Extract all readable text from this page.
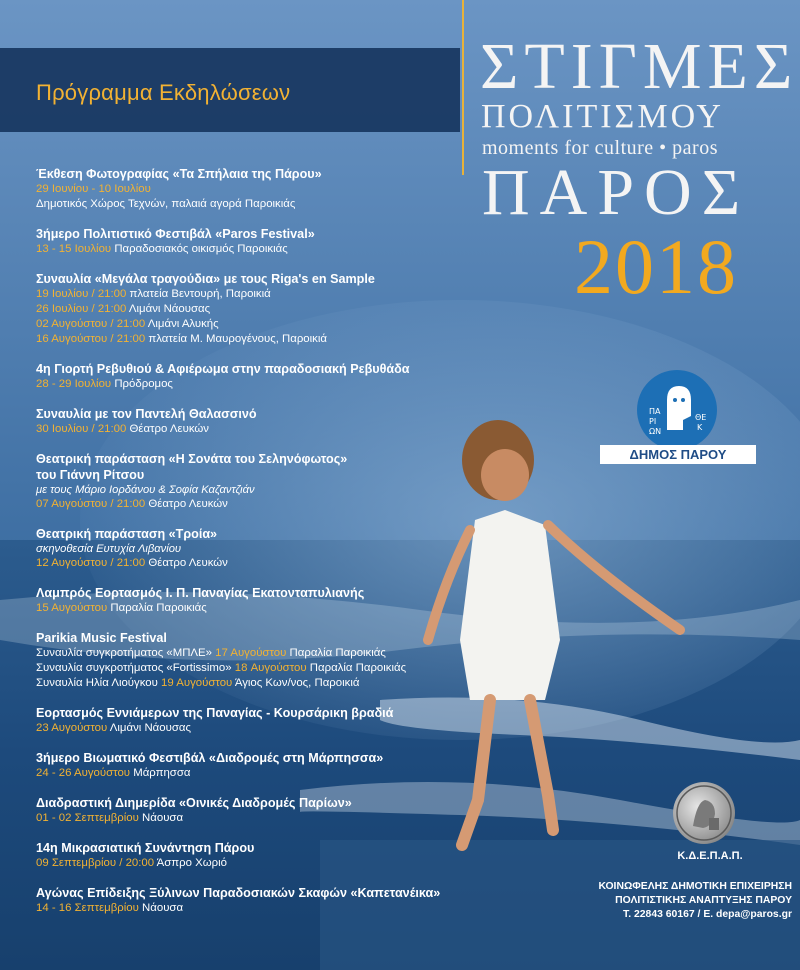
Πρόγραμμα Εκδηλώσεων	ΣΤΙΓΜΕΣ
ΠΟΛΙΤΙΣΜΟΥ
moments for culture • paros
ΠΑΡΟΣ
2018
Έκθεση Φωτογραφίας «Τα Σπήλαια της Πάρου»
29 Ιουνίου - 10 Ιουλίου
Δημοτικός Χώρος Τεχνών, παλαιά αγορά Παροικιάς
3ήμερο Πολιτιστικό Φεστιβάλ «Paros Festival»
13 - 15 Ιουλίου Παραδοσιακός οικισμός Παροικιάς
Συναυλία «Μεγάλα τραγούδια» με τους Riga's en Sample
19 Ιουλίου / 21:00 πλατεία Βεντουρή, Παροικιά
26 Ιουλίου / 21:00 Λιμάνι Νάουσας
02 Αυγούστου / 21:00 Λιμάνι Αλυκής
16 Αυγούστου / 21:00 πλατεία Μ. Μαυρογένους, Παροικιά
4η Γιορτή Ρεβυθιού & Αφιέρωμα στην παραδοσιακή Ρεβυθάδα
28 - 29 Ιουλίου Πρόδρομος
Συναυλία με τον Παντελή Θαλασσινό
30 Ιουλίου / 21:00 Θέατρο Λευκών
Θεατρική παράσταση «Η Σονάτα του Σεληνόφωτος»
του Γιάννη Ρίτσου
με τους Μάριο Ιορδάνου & Σοφία Καζαντζιάν
07 Αυγούστου / 21:00 Θέατρο Λευκών
Θεατρική παράσταση «Τροία»
σκηνοθεσία Ευτυχία Λιβανίου
12 Αυγούστου / 21:00 Θέατρο Λευκών
Λαμπρός Εορτασμός Ι. Π. Παναγίας Εκατονταπυλιανής
15 Αυγούστου Παραλία Παροικιάς
Parikia Music Festival
Συναυλία συγκροτήματος «ΜΠΛΕ» 17 Αυγούστου Παραλία Παροικιάς
Συναυλία συγκροτήματος «Fortissimo» 18 Αυγούστου Παραλία Παροικιάς
Συναυλία Ηλία Λιούγκου 19 Αυγούστου Άγιος Κων/νος, Παροικιά
Εορτασμός Εννιάμερων της Παναγίας - Κουρσάρικη βραδιά
23 Αυγούστου Λιμάνι Νάουσας
3ήμερο Βιωματικό Φεστιβάλ «Διαδρομές στη Μάρπησσα»
24 - 26 Αυγούστου Μάρπησσα
Διαδραστική Διημερίδα «Οινικές Διαδρομές Παρίων»
01 - 02 Σεπτεμβρίου Νάουσα
14η Μικρασιατική Συνάντηση Πάρου
09 Σεπτεμβρίου / 20:00 Άσπρο Χωριό
Αγώνας Επίδειξης Ξύλινων Παραδοσιακών Σκαφών «Καπετανέικα»
14 - 16 Σεπτεμβρίου Νάουσα
ΠΑ
ΡΙ
ΩΝ
ΘΕ
Κ
ΔΗΜΟΣ ΠΑΡΟΥ
Κ.Δ.Ε.Π.Α.Π.
ΚΟΙΝΩΦΕΛΗΣ ΔΗΜΟΤΙΚΗ ΕΠΙΧΕΙΡΗΣΗ
ΠΟΛΙΤΙΣΤΙΚΗΣ ΑΝΑΠΤΥΞΗΣ ΠΑΡΟΥ
Τ. 22843 60167 / E. depa@paros.gr
